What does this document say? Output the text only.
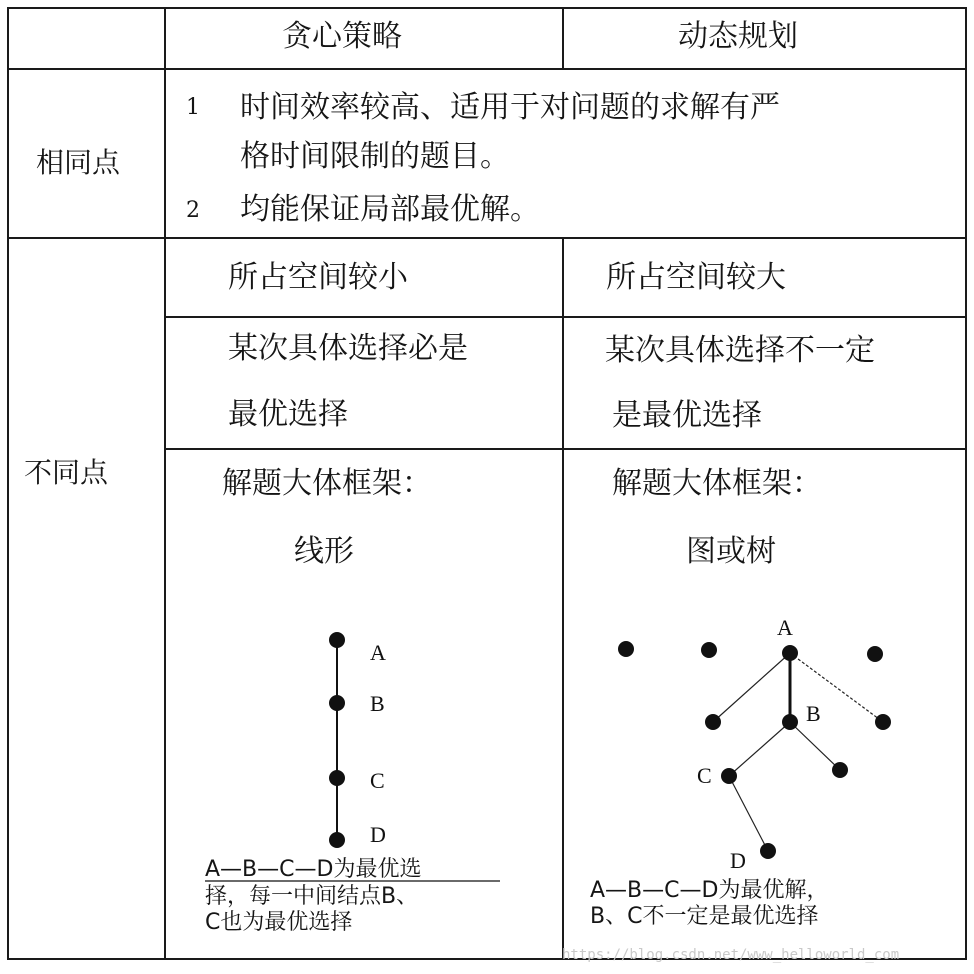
贪心策略	动态规划
相同点
1 时间效率较高、适用于对问题的求解有严
格时间限制的题目。
2 均能保证局部最优解。
不同点
所占空间较小	所占空间较大
某次具体选择必是
最优选择
某次具体选择不一定
是最优选择
解题大体框架：
线形
A
B
C
D
A—B—C—D为最优选
择，每一中间结点B、
C也为最优选择
解题大体框架：
图或树
A
B
C
D
A—B—C—D为最优解，
B、C不一定是最优选择
https://blog.csdn.net/www_helloworld_com
